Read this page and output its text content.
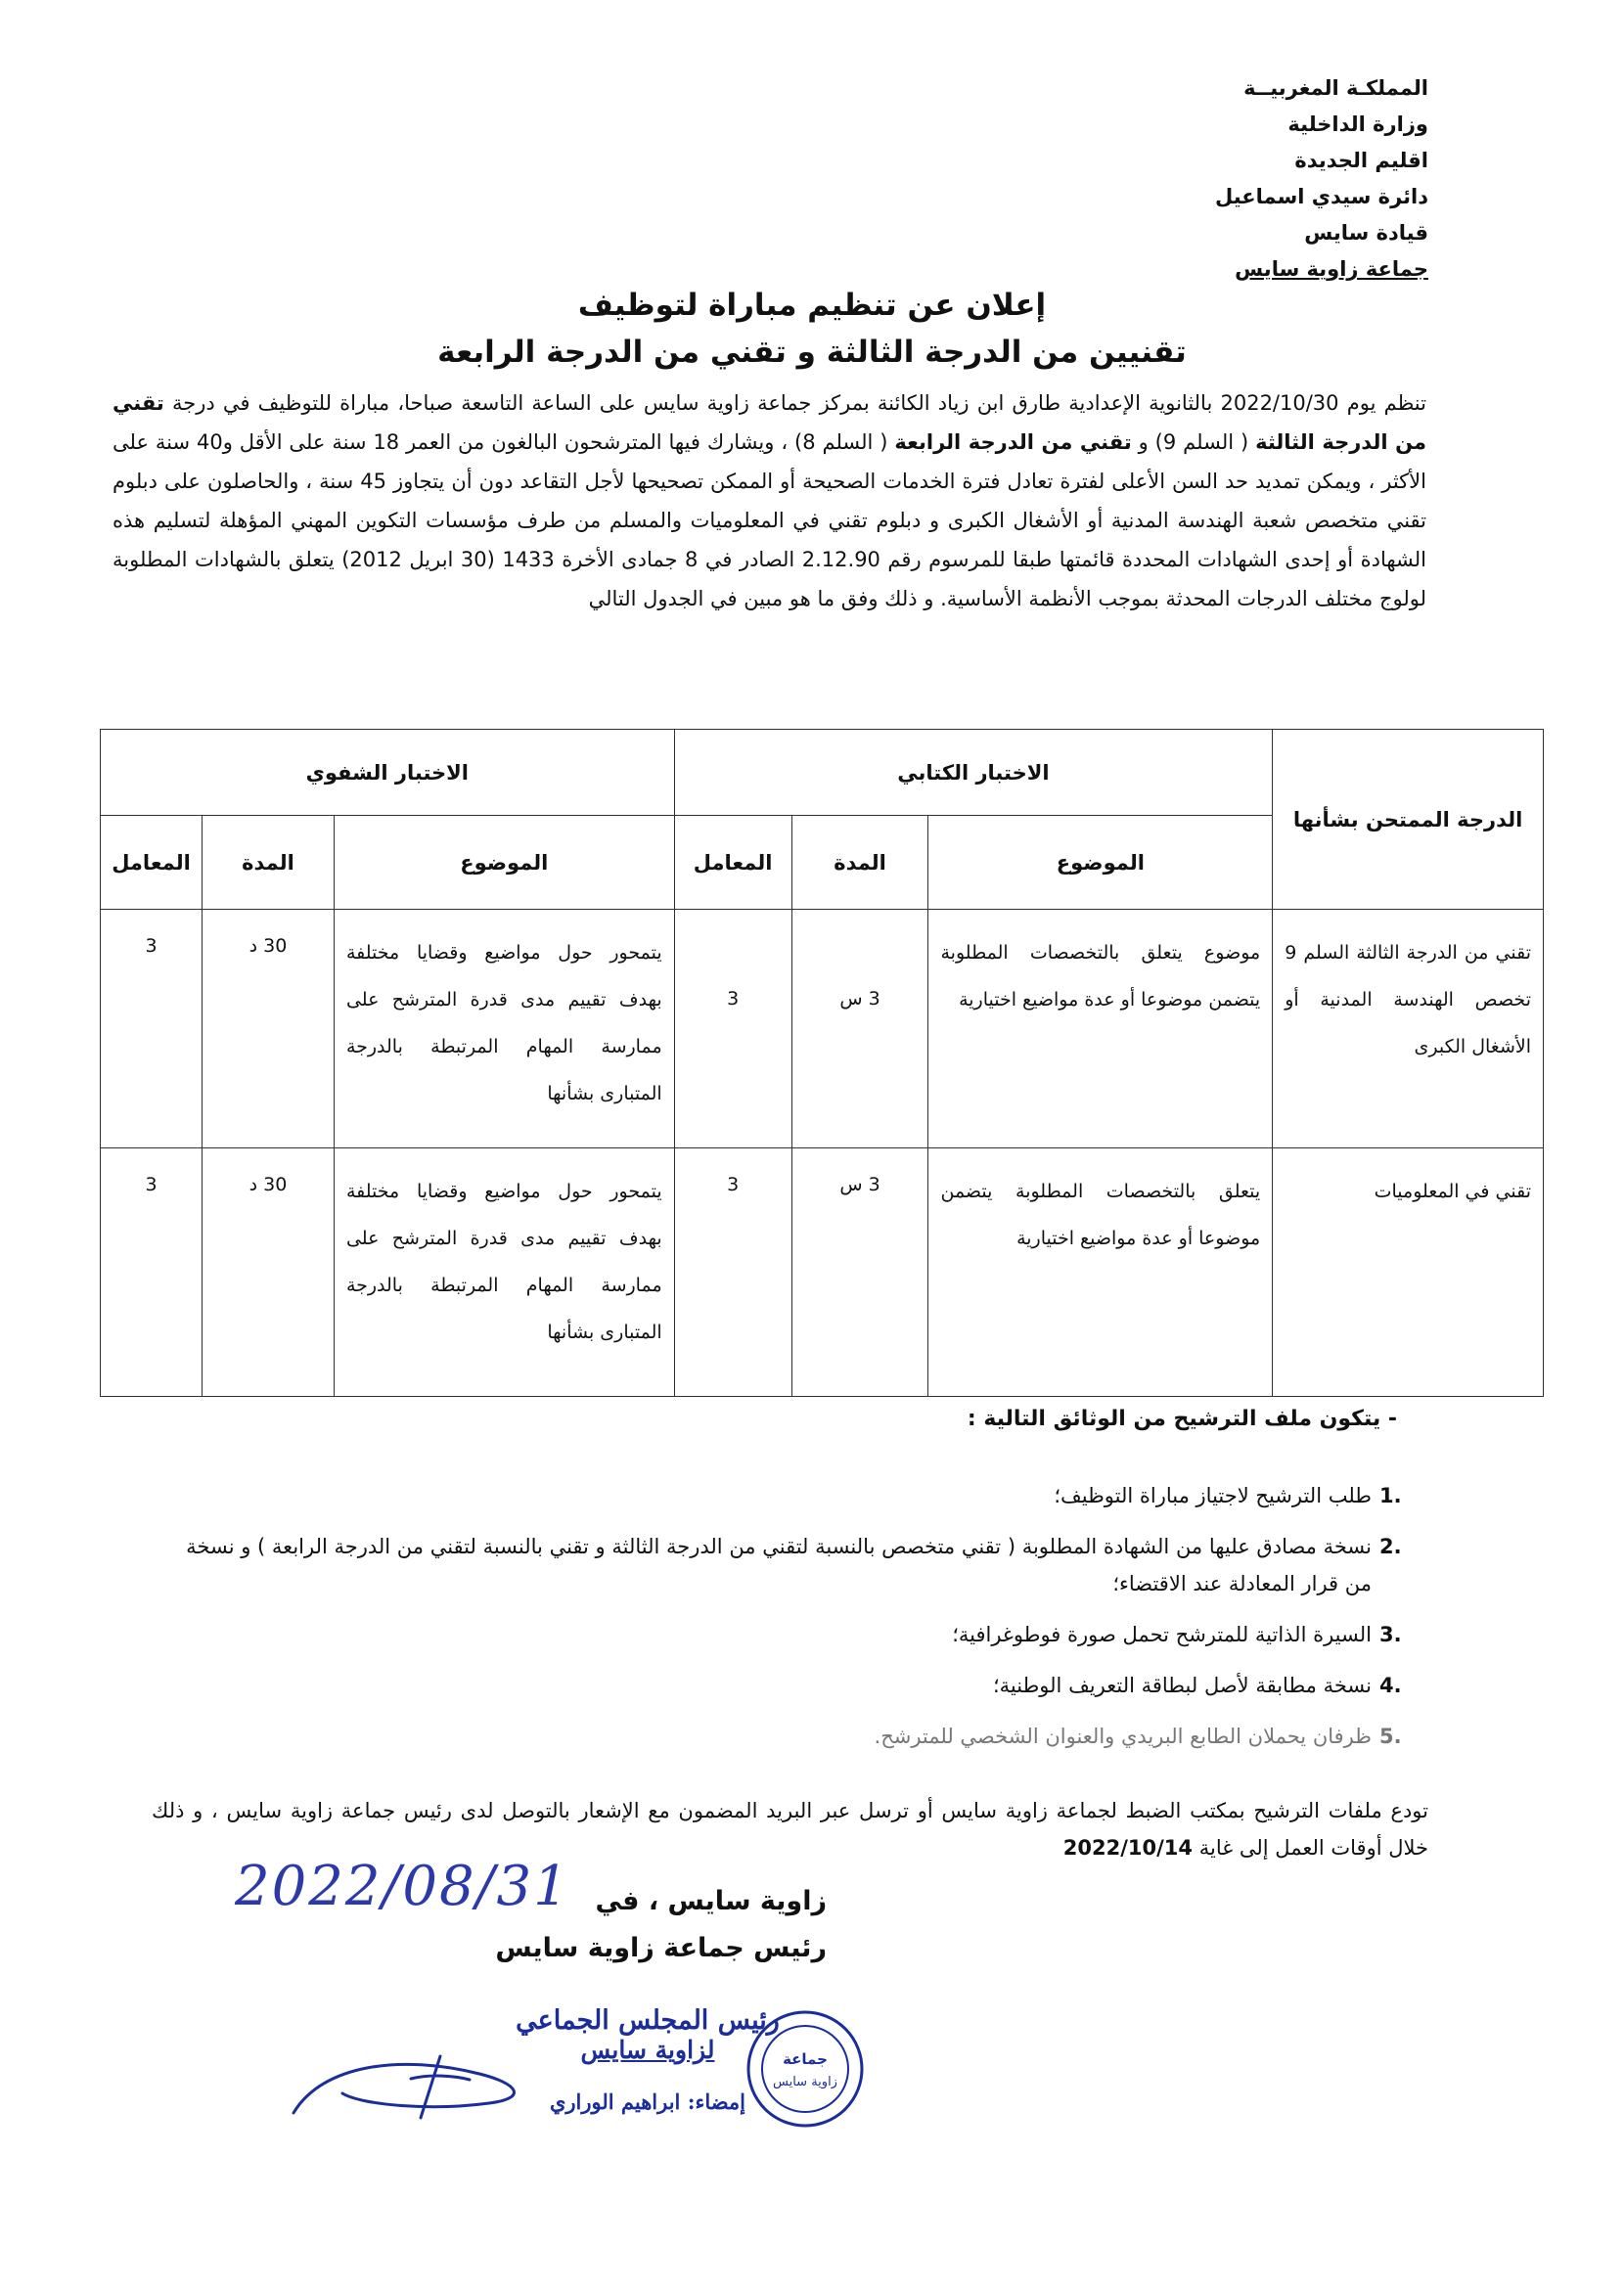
المملكـة المغربيــة
وزارة الداخلية
اقليم الجديدة
دائرة سيدي اسماعيل
قيادة سايس
جماعة زاوية سايس
إعلان عن تنظيم مباراة لتوظيف
تقنيين من الدرجة الثالثة و تقني من الدرجة الرابعة
تنظم يوم 2022/10/30 بالثانوية الإعدادية طارق ابن زياد الكائنة بمركز جماعة زاوية سايس على الساعة التاسعة صباحا، مباراة للتوظيف في درجة تقني من الدرجة الثالثة ( السلم 9) و تقني من الدرجة الرابعة ( السلم 8) ، ويشارك فيها المترشحون البالغون من العمر 18 سنة على الأقل و40 سنة على الأكثر ، ويمكن تمديد حد السن الأعلى لفترة تعادل فترة الخدمات الصحيحة أو الممكن تصحيحها لأجل التقاعد دون أن يتجاوز 45 سنة ، والحاصلون على دبلوم تقني متخصص شعبة الهندسة المدنية أو الأشغال الكبرى و دبلوم تقني في المعلوميات والمسلم من طرف مؤسسات التكوين المهني المؤهلة لتسليم هذه الشهادة أو إحدى الشهادات المحددة قائمتها طبقا للمرسوم رقم 2.12.90 الصادر في 8 جمادى الأخرة 1433 (30 ابريل 2012) يتعلق بالشهادات المطلوبة لولوج مختلف الدرجات المحدثة بموجب الأنظمة الأساسية. و ذلك وفق ما هو مبين في الجدول التالي
الدرجة الممتحن بشأنها	الاختبار الكتابي			الاختبار الشفوي		
	الموضوع	المدة	المعامل	الموضوع	المدة	المعامل
تقني من الدرجة الثالثة السلم 9 تخصص الهندسة المدنية أو الأشغال الكبرى	موضوع يتعلق بالتخصصات المطلوبة يتضمن موضوعا أو عدة مواضيع اختيارية	3 س	3	يتمحور حول مواضيع وقضايا مختلفة بهدف تقييم مدى قدرة المترشح على ممارسة المهام المرتبطة بالدرجة المتبارى بشأنها	30 د	3
تقني في المعلوميات	يتعلق بالتخصصات المطلوبة يتضمن موضوعا أو عدة مواضيع اختيارية	3 س	3	يتمحور حول مواضيع وقضايا مختلفة بهدف تقييم مدى قدرة المترشح على ممارسة المهام المرتبطة بالدرجة المتبارى بشأنها	30 د	3
- يتكون ملف الترشيح من الوثائق التالية :
.1
طلب الترشيح لاجتياز مباراة التوظيف؛
.2
نسخة مصادق عليها من الشهادة المطلوبة ( تقني متخصص بالنسبة لتقني من الدرجة الثالثة و تقني بالنسبة لتقني من الدرجة الرابعة ) و نسخة من قرار المعادلة عند الاقتضاء؛
.3
السيرة الذاتية للمترشح تحمل صورة فوطوغرافية؛
.4
نسخة مطابقة لأصل لبطاقة التعريف الوطنية؛
.5
ظرفان يحملان الطابع البريدي والعنوان الشخصي للمترشح.
تودع ملفات الترشيح بمكتب الضبط لجماعة زاوية سايس أو ترسل عبر البريد المضمون مع الإشعار بالتوصل لدى رئيس جماعة زاوية سايس ، و ذلك خلال أوقات العمل إلى غاية 2022/10/14
2022/08/31 زاوية سايس ، في
رئيس جماعة زاوية سايس
رئيس المجلس الجماعي
لزاوية سايس
إمضاء: ابراهيم الوراري
جماعة
زاوية سايس
